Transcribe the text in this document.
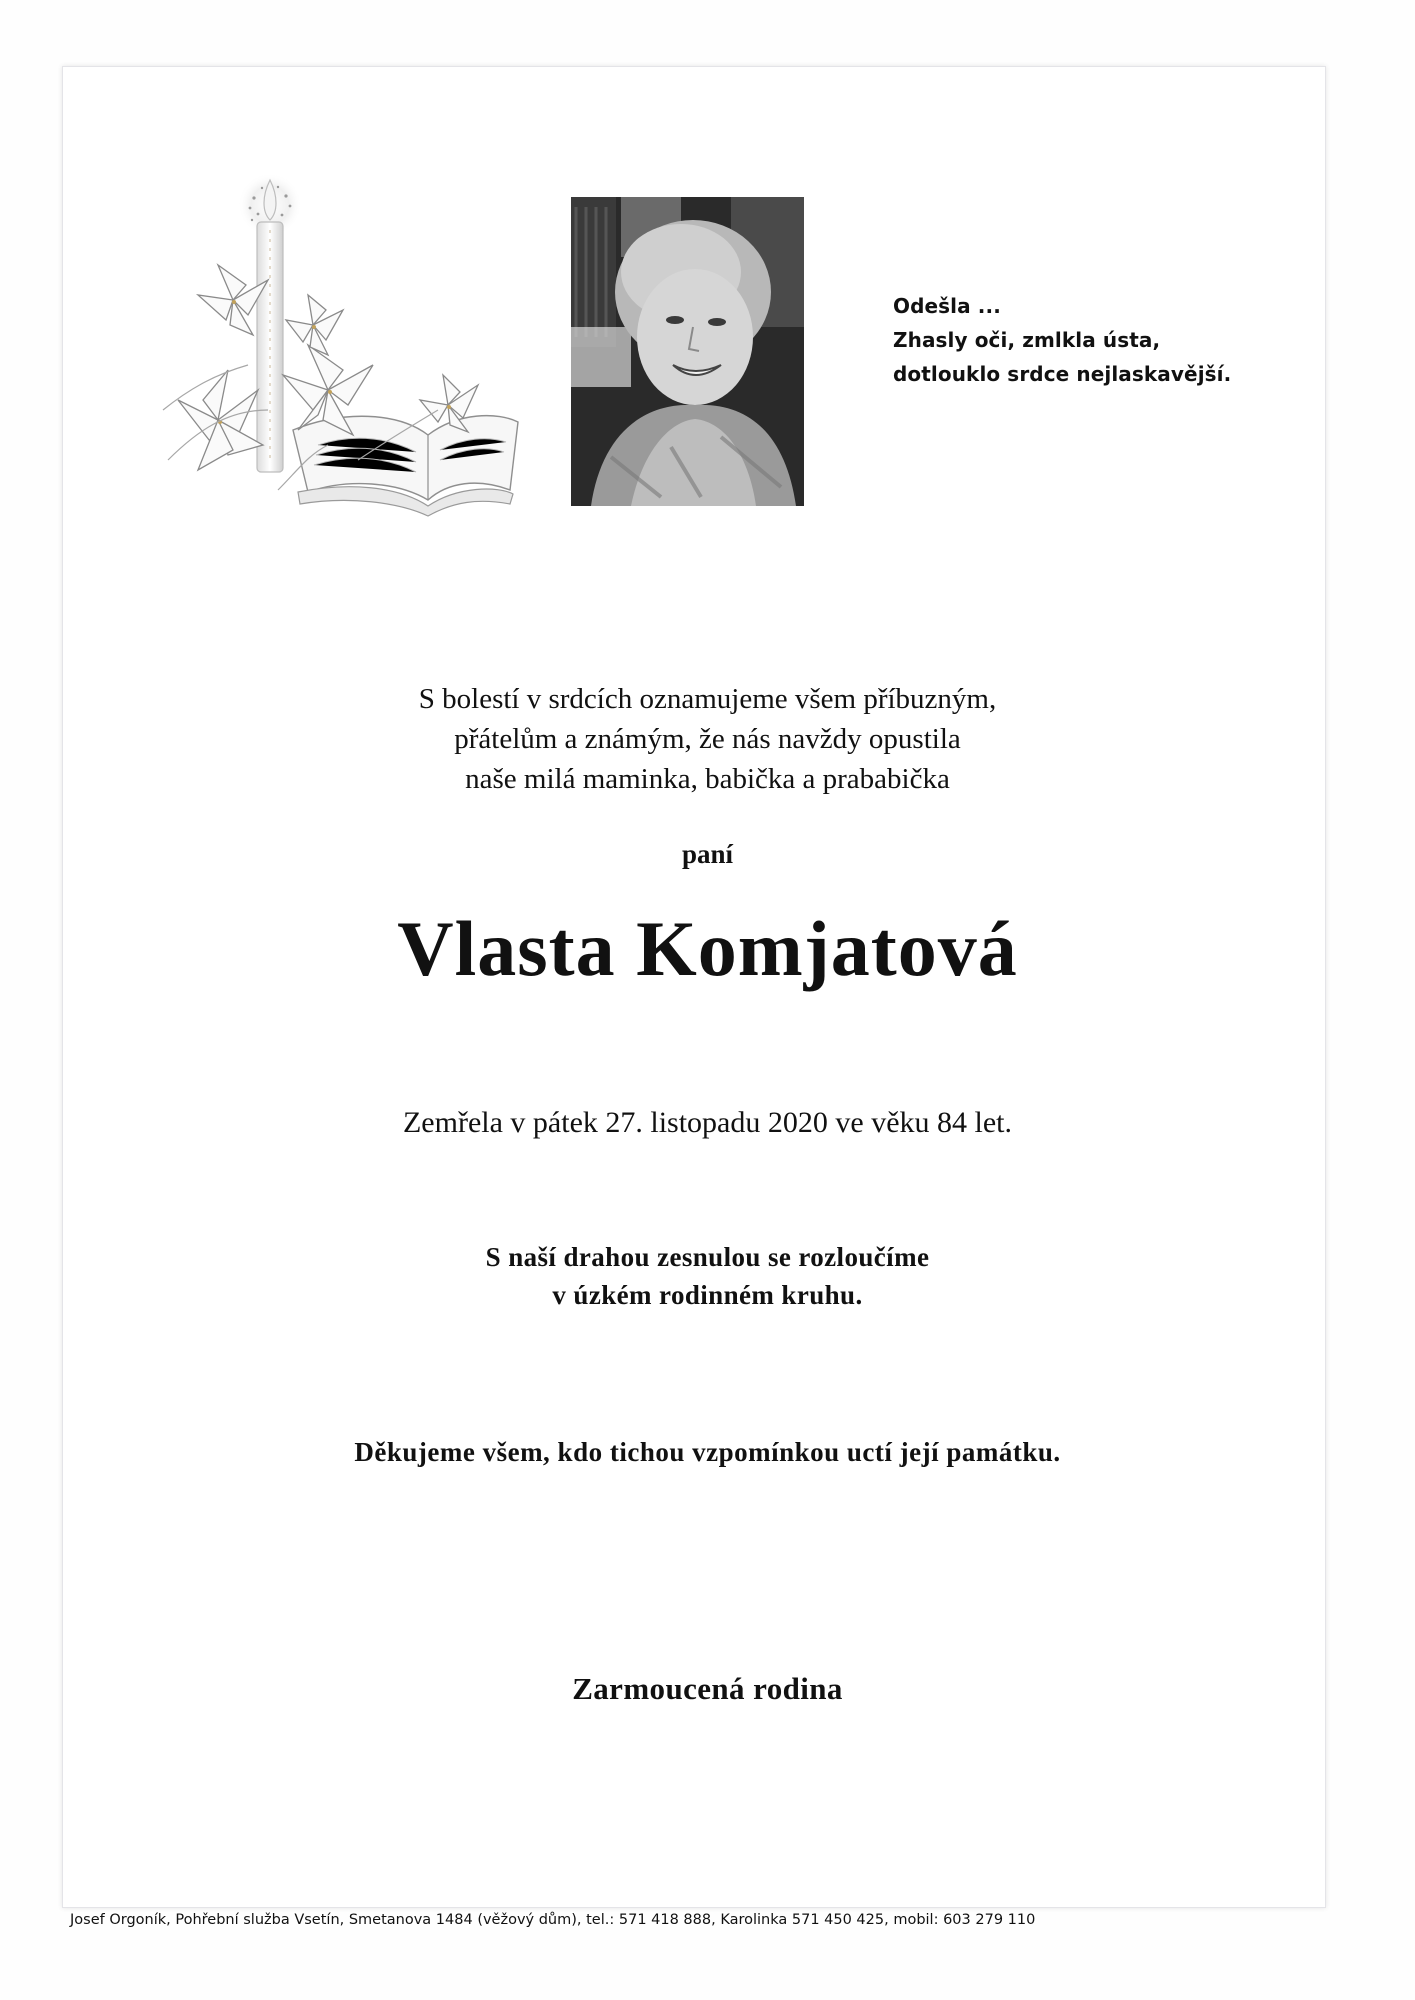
Odešla ...
Zhasly oči, zmlkla ústa,
dotlouklo srdce nejlaskavější.
S bolestí v srdcích oznamujeme všem příbuzným,
přátelům a známým, že nás navždy opustila
naše milá maminka, babička a prababička
paní
Vlasta Komjatová
Zemřela v pátek 27. listopadu 2020 ve věku 84 let.
S naší drahou zesnulou se rozloučíme
v úzkém rodinném kruhu.
Děkujeme všem, kdo tichou vzpomínkou uctí její památku.
Zarmoucená rodina
Josef Orgoník, Pohřební služba Vsetín, Smetanova 1484 (věžový dům), tel.: 571 418 888, Karolinka 571 450 425, mobil: 603 279 110
